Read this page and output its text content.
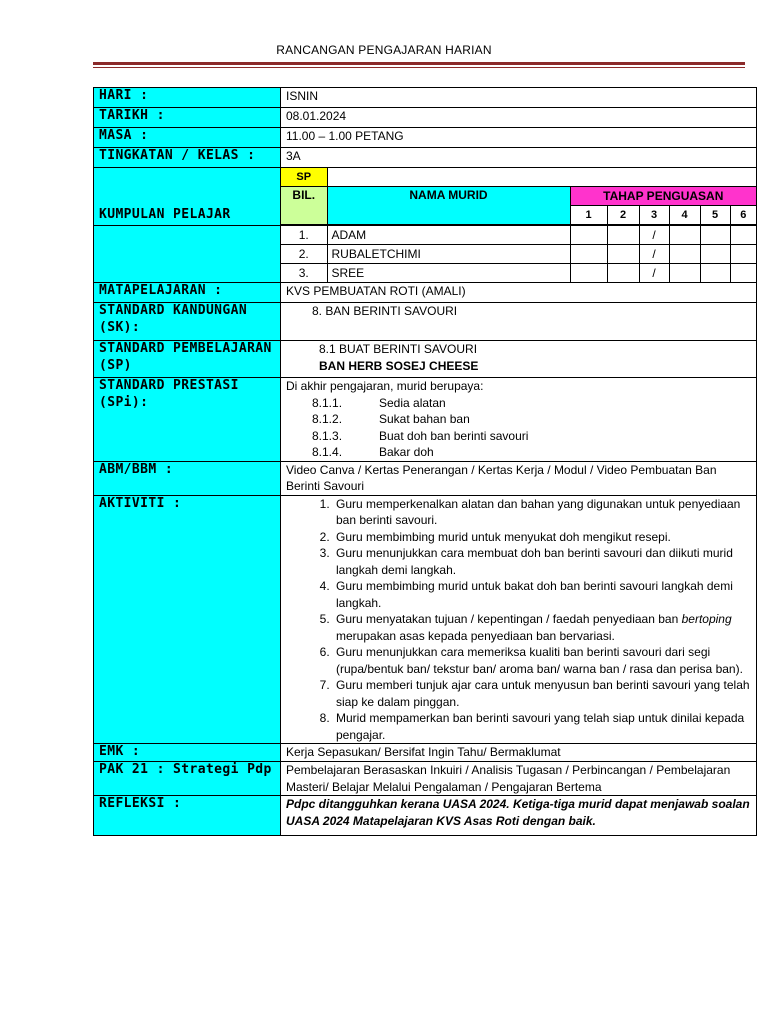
RANCANGAN PENGAJARAN HARIAN
HARI :	ISNIN
TARIKH :	08.01.2024
MASA :	11.00 – 1.00 PETANG
TINGKATAN / KELAS :	3A
KUMPULAN PELAJAR	
SP	
BIL.	NAMA MURID	TAHAP PENGUASAN
1	2	3	4	5	6

1.	ADAM			/			
2.	RUBALETCHIMI			/			
3.	SREE			/			

MATAPELAJARAN :	KVS PEMBUATAN ROTI (AMALI)
STANDARD KANDUNGAN (SK):	
8. BAN BERINTI SAVOURI

STANDARD PEMBELAJARAN (SP)	
8.1 BUAT BERINTI SAVOURI
BAN HERB SOSEJ CHEESE

STANDARD PRESTASI (SPi):	
Di akhir pengajaran, murid berupaya:
8.1.1.	Sedia alatan
8.1.2.	Sukat bahan ban
8.1.3.	Buat doh ban berinti savouri
8.1.4.	Bakar doh

ABM/BBM :	Video Canva / Kertas Penerangan / Kertas Kerja / Modul / Video Pembuatan Ban Berinti Savouri
AKTIVITI :	
1.Guru memperkenalkan alatan dan bahan yang digunakan untuk penyediaan ban berinti savouri.
2. Guru membimbing murid untuk menyukat doh mengikut resepi.
3. Guru menunjukkan cara membuat doh ban berinti savouri dan diikuti murid langkah demi langkah.
4. Guru membimbing murid untuk bakat doh ban berinti savouri langkah demi langkah.
5. Guru menyatakan tujuan / kepentingan / faedah penyediaan ban bertoping merupakan asas kepada penyediaan ban bervariasi.
6. Guru menunjukkan cara memeriksa kualiti ban berinti savouri dari segi (rupa/bentuk ban/ tekstur ban/ aroma ban/ warna ban / rasa dan perisa ban).
7. Guru memberi tunjuk ajar cara untuk menyusun ban berinti savouri yang telah siap ke dalam pinggan.
8. Murid mempamerkan ban berinti savouri yang telah siap untuk dinilai kepada pengajar.

EMK :	Kerja Sepasukan/ Bersifat Ingin Tahu/ Bermaklumat
PAK 21 : Strategi Pdp	Pembelajaran Berasaskan Inkuiri / Analisis Tugasan / Perbincangan / Pembelajaran Masteri/ Belajar Melalui Pengalaman / Pengajaran Bertema
REFLEKSI :	Pdpc ditangguhkan kerana UASA 2024. Ketiga-tiga murid dapat menjawab soalan UASA 2024 Matapelajaran KVS Asas Roti dengan baik.
